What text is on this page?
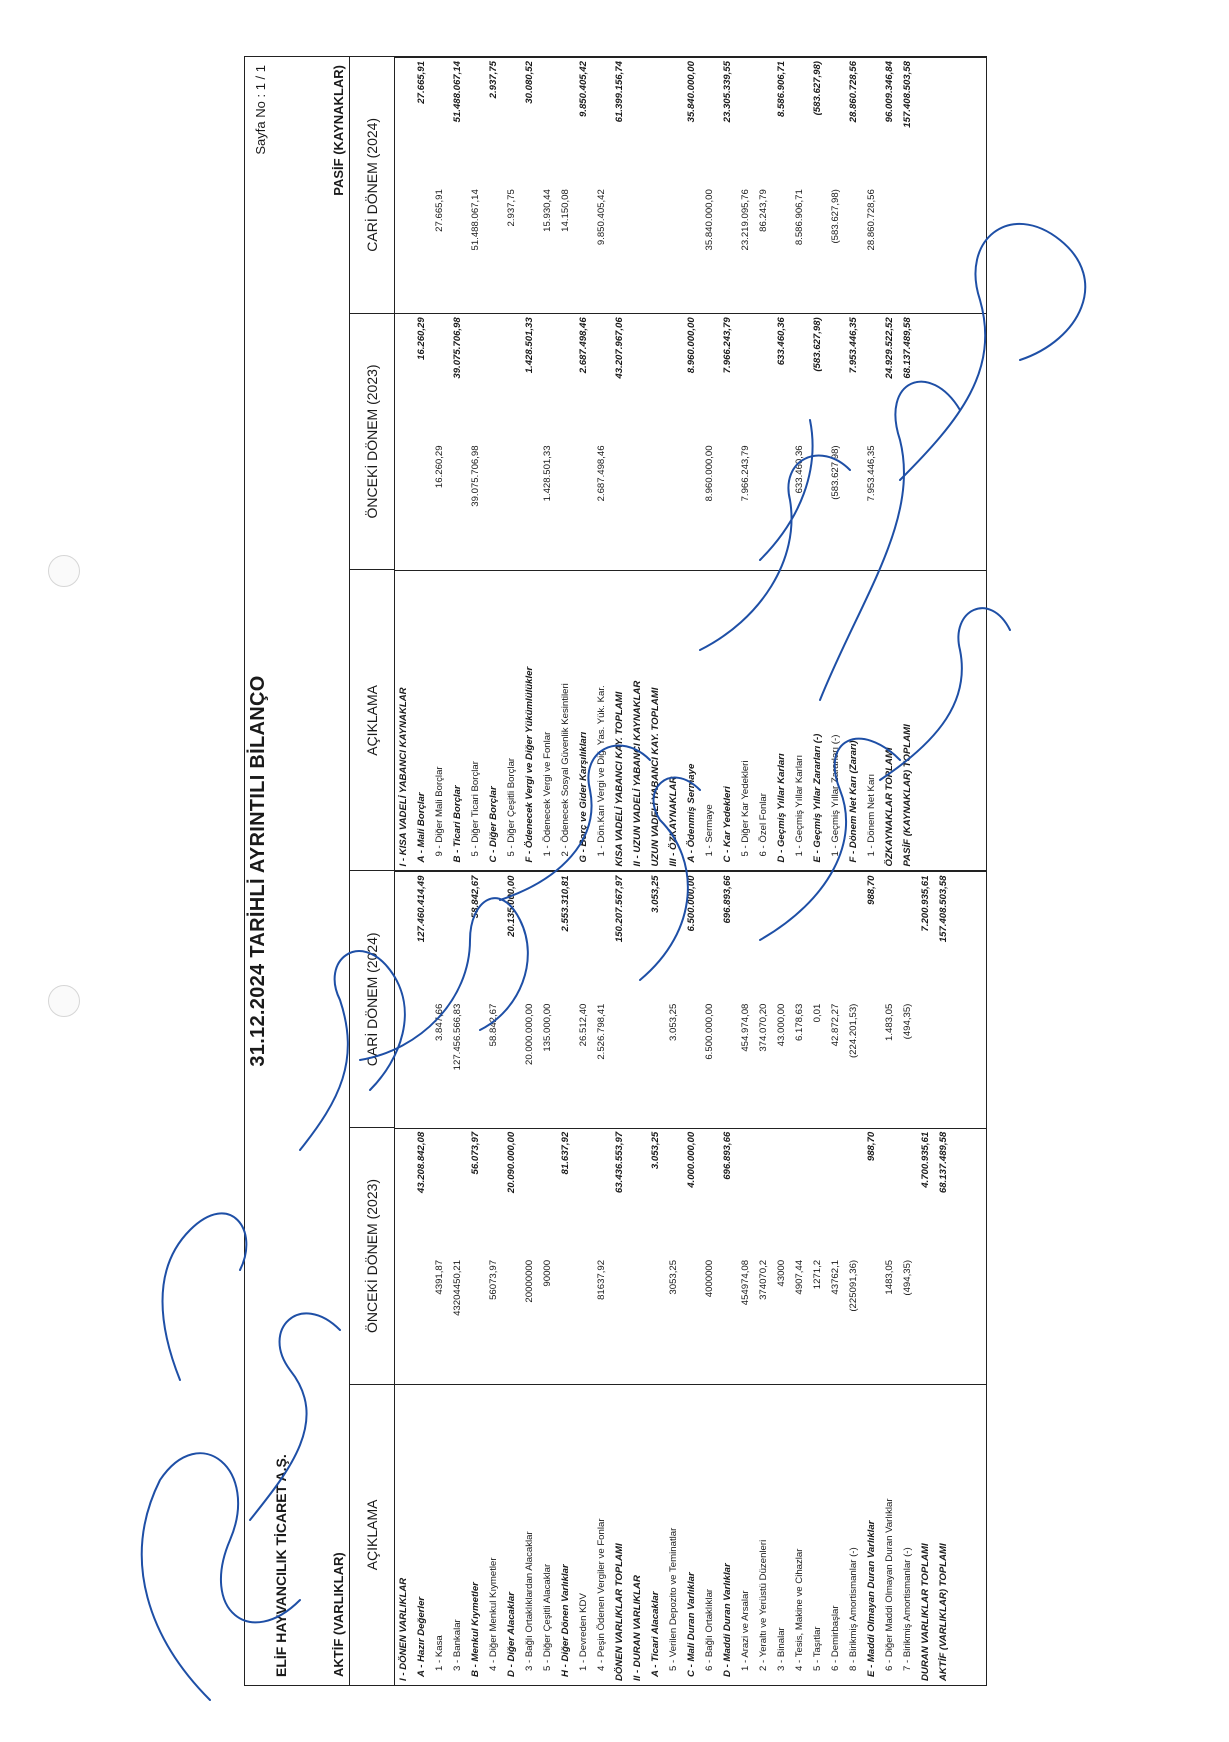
31.12.2024 TARİHLİ AYRINTILI BİLANÇO
ELİF HAYVANCILIK TİCARET A.Ş.
Sayfa No : 1 / 1
AKTİF (VARLIKLAR)
PASİF (KAYNAKLAR)
AÇIKLAMA
ÖNCEKİ DÖNEM (2023)
CARİ DÖNEM (2024)
I - DÖNEN VARLIKLAR A - Hazır Değerler
43.208.842,08
127.460.414,49
1 - Kasa
4391,87
3.847,66
3 - Bankalar
43204450,21
127.456.566,83
B - Menkul Kıymetler
56.073,97
58.842,67
4 - Diğer Menkul Kıymetler
56073,97
58.842,67
D - Diğer Alacaklar
20.090.000,00
20.135.000,00
3 - Bağlı Ortaklıklardan Alacaklar
20000000
20.000.000,00
5 - Diğer Çeşitli Alacaklar
90000
135.000,00
H - Diğer Dönen Varlıklar
81.637,92
2.553.310,81
1 - Devreden KDV
26.512,40
4 - Peşin Ödenen Vergiler ve Fonlar
81637,92
2.526.798,41
DÖNEN VARLIKLAR TOPLAMI
63.436.553,97
150.207.567,97
II - DURAN VARLIKLAR A - Ticari Alacaklar
3.053,25
3.053,25
5 - Verilen Depozito ve Teminatlar
3053,25
3.053,25
C - Mali Duran Varlıklar
4.000.000,00
6.500.000,00
6 - Bağlı Ortaklıklar
4000000
6.500.000,00
D - Maddi Duran Varlıklar
696.893,66
696.893,66
1 - Arazi ve Arsalar
454974,08
454.974,08
2 - Yeraltı ve Yerüstü Düzenleri
374070,2
374.070,20
3 - Binalar
43000
43.000,00
4 - Tesis, Makine ve Cihazlar
4907,44
6.178,63
5 - Taşıtlar
1271,2
0,01
6 - Demirbaşlar
43762,1
42.872,27
8 - Birikmiş Amortismanlar (-)
(225091,36)
(224.201,53)
E - Maddi Olmayan Duran Varlıklar
988,70
988,70
6 - Diğer Maddi Olmayan Duran Varlıklar
1483,05
1.483,05
7 - Birikmiş Amortismanlar (-)
(494,35)
(494,35)
DURAN VARLIKLAR TOPLAMI
4.700.935,61
7.200.935,61
AKTİF (VARLIKLAR) TOPLAMI
68.137.489,58
157.408.503,58
AÇIKLAMA
ÖNCEKİ DÖNEM (2023)
CARİ DÖNEM (2024)
I - KISA VADELİ YABANCI KAYNAKLAR A - Mali Borçlar
16.260,29
27.665,91
9 - Diğer Mali Borçlar
16.260,29
27.665,91
B - Ticari Borçlar
39.075.706,98
51.488.067,14
5 - Diğer Ticari Borçlar
39.075.706,98
51.488.067,14
C - Diğer Borçlar
2.937,75
5 - Diğer Çeşitli Borçlar
2.937,75
F - Ödenecek Vergi ve Diğer Yükümlülükler
1.428.501,33
30.080,52
1 - Ödenecek Vergi ve Fonlar
1.428.501,33
15.930,44
2 - Ödenecek Sosyal Güvenlik Kesintileri
14.150,08
G - Borç ve Gider Karşılıkları
2.687.498,46
9.850.405,42
1 - Dön.Karı Vergi ve Diğ. Yas. Yük. Kar.
2.687.498,46
9.850.405,42
KISA VADELİ YABANCI KAY. TOPLAMI
43.207.967,06
61.399.156,74
II - UZUN VADELİ YABANCI KAYNAKLAR UZUN VADELİ YABANCI KAY. TOPLAMI III - ÖZKAYNAKLAR A - Ödenmiş Sermaye
8.960.000,00
35.840.000,00
1 - Sermaye
8.960.000,00
35.840.000,00
C - Kar Yedekleri
7.966.243,79
23.305.339,55
5 - Diğer Kar Yedekleri
7.966.243,79
23.219.095,76
6 - Özel Fonlar
86.243,79
D - Geçmiş Yıllar Karları
633.460,36
8.586.906,71
1 - Geçmiş Yıllar Karları
633.460,36
8.586.906,71
E - Geçmiş Yıllar Zararları (-)
(583.627,98)
(583.627,98)
1 - Geçmiş Yıllar Zararları (-)
(583.627,98)
(583.627,98)
F - Dönem Net Karı (Zararı)
7.953.446,35
28.860.728,56
1 - Dönem Net Karı
7.953.446,35
28.860.728,56
ÖZKAYNAKLAR TOPLAMI
24.929.522,52
96.009.346,84
PASİF (KAYNAKLAR) TOPLAMI
68.137.489,58
157.408.503,58
